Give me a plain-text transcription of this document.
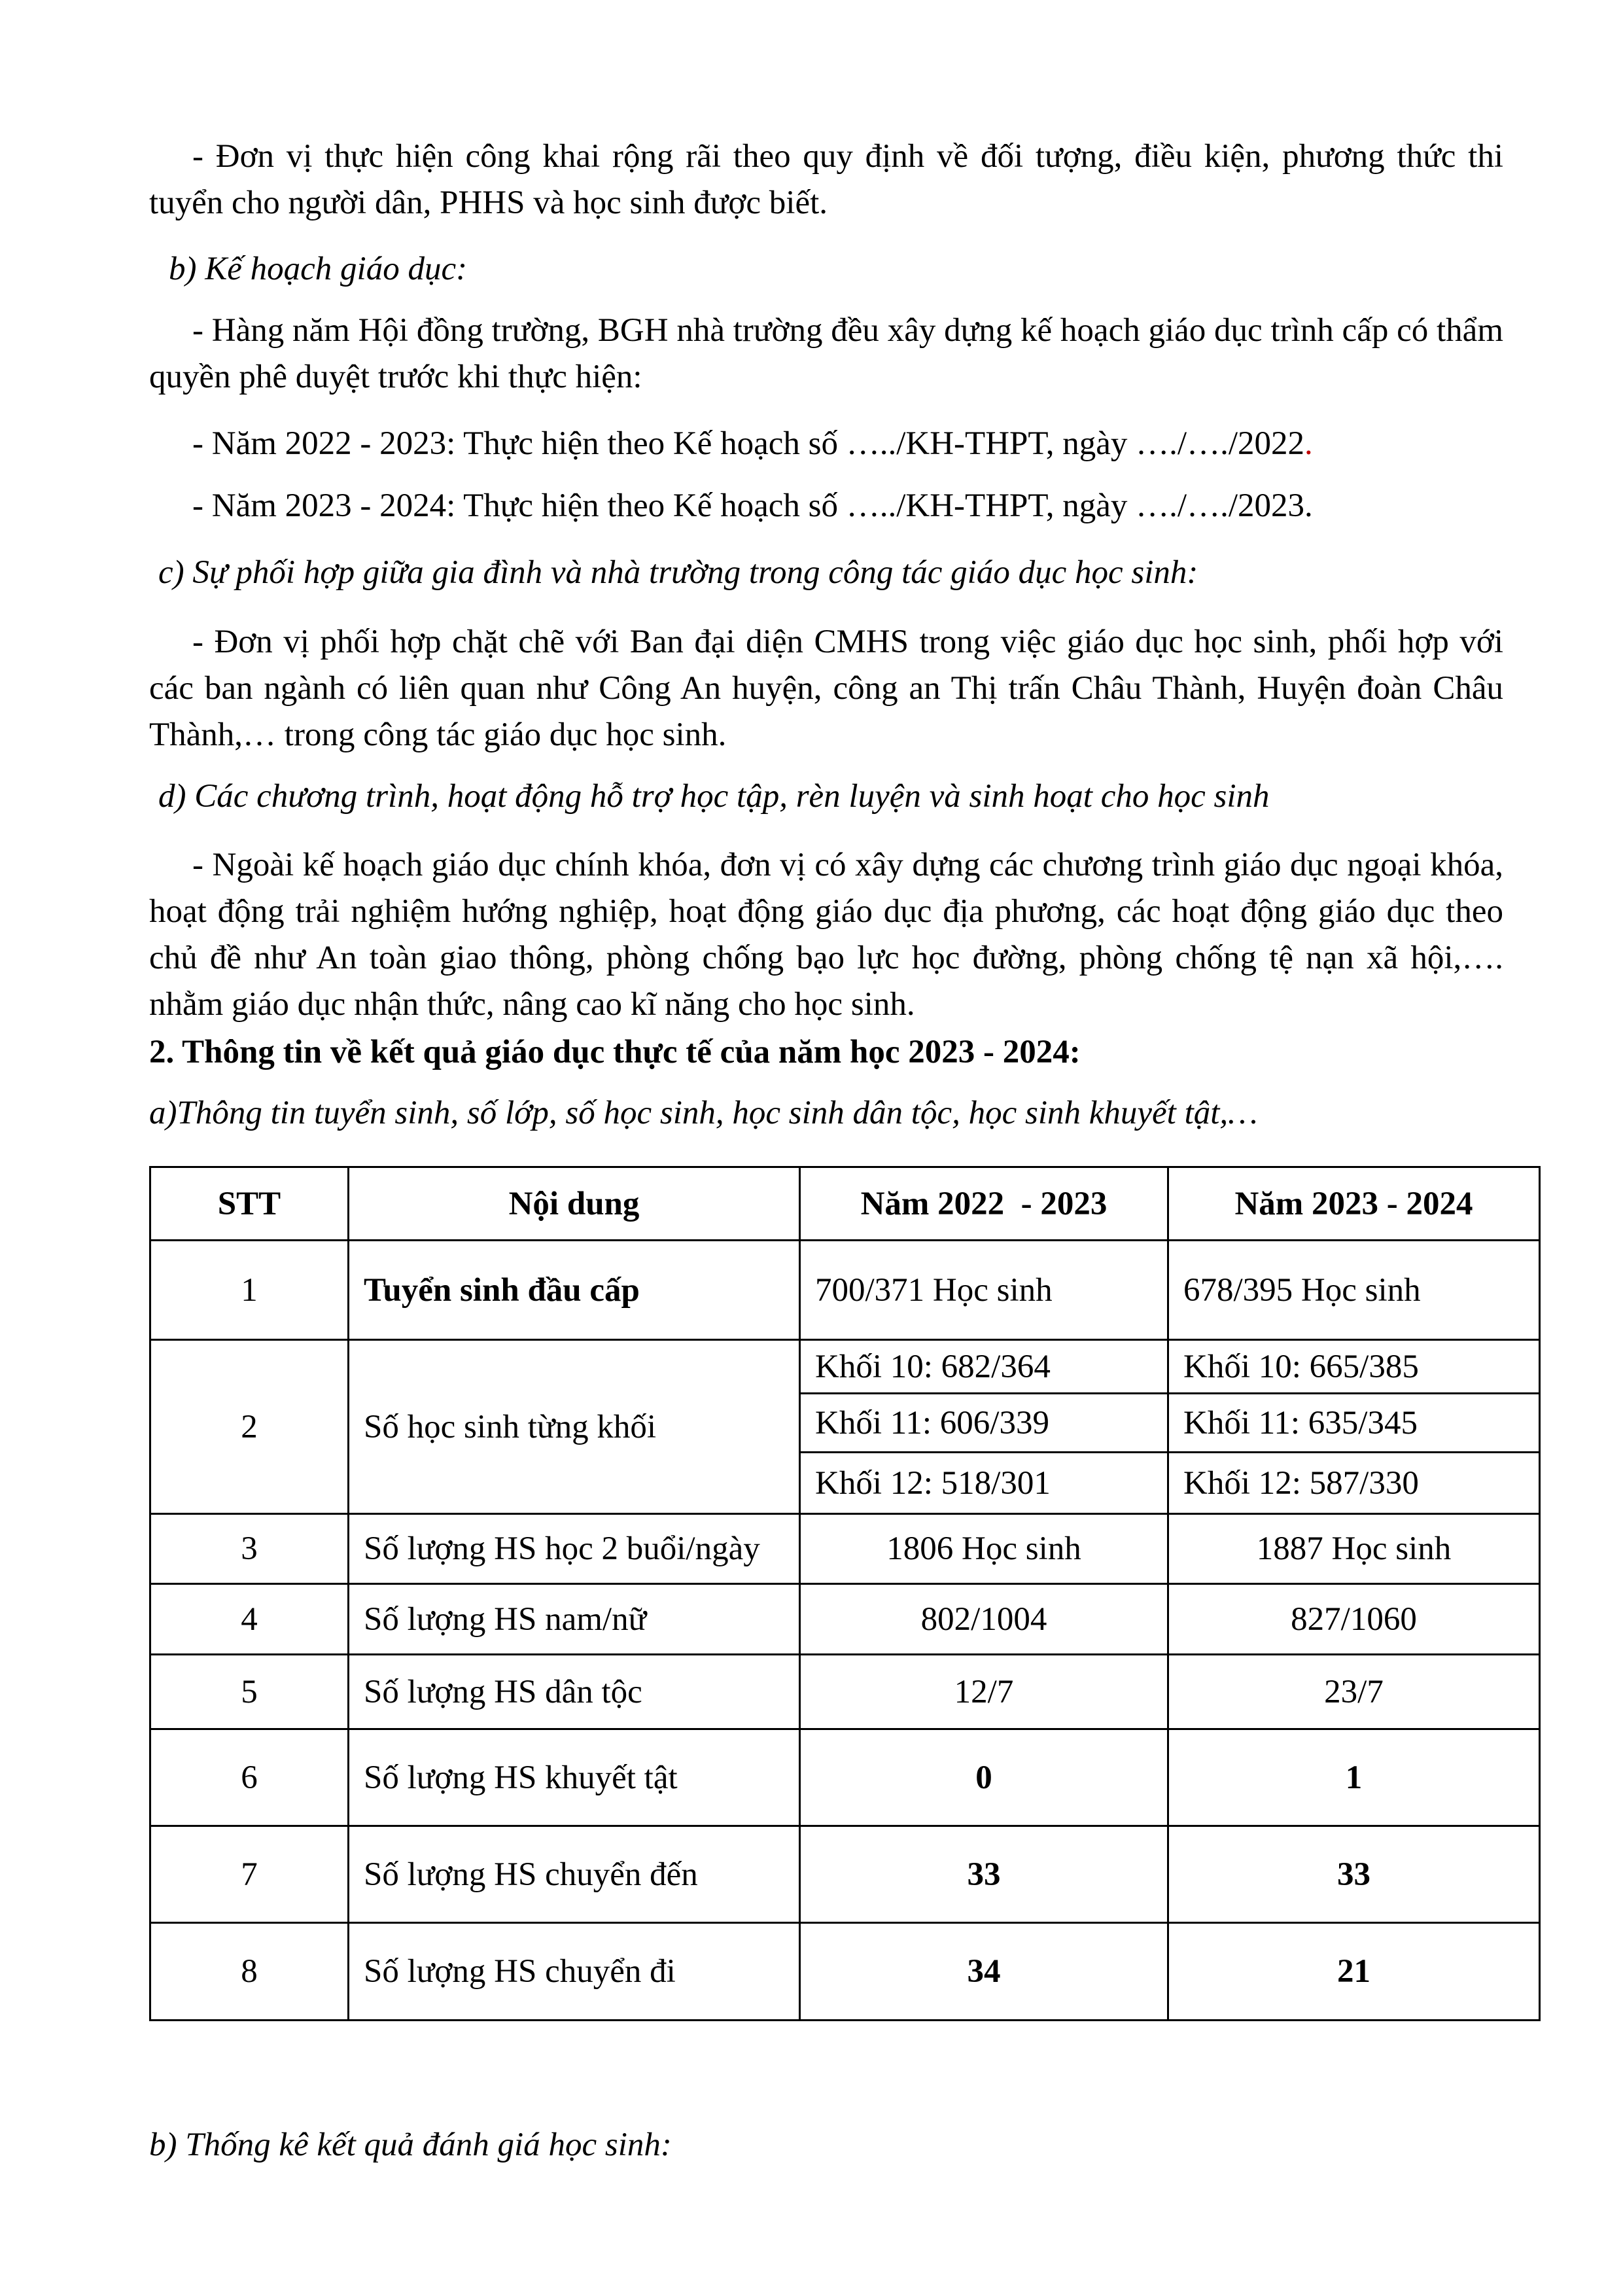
- Đơn vị thực hiện công khai rộng rãi theo quy định về đối tượng, điều kiện, phương thức thi tuyển cho người dân, PHHS và học sinh được biết.

b) Kế hoạch giáo dục:

- Hàng năm Hội đồng trường, BGH nhà trường đều xây dựng kế hoạch giáo dục trình cấp có thẩm quyền phê duyệt trước khi thực hiện:

- Năm 2022 - 2023: Thực hiện theo Kế hoạch số …../KH-THPT, ngày …./…./2022.

- Năm 2023 - 2024: Thực hiện theo Kế hoạch số …../KH-THPT, ngày …./…./2023.

c) Sự phối hợp giữa gia đình và nhà trường trong công tác giáo dục học sinh:

- Đơn vị phối hợp chặt chẽ với Ban đại diện CMHS trong việc giáo dục học sinh, phối hợp với các ban ngành có liên quan như Công An huyện, công an Thị trấn Châu Thành, Huyện đoàn Châu Thành,… trong công tác giáo dục học sinh.

d) Các chương trình, hoạt động hỗ trợ học tập, rèn luyện và sinh hoạt cho học sinh

- Ngoài kế hoạch giáo dục chính khóa, đơn vị có xây dựng các chương trình giáo dục ngoại khóa, hoạt động trải nghiệm hướng nghiệp, hoạt động giáo dục địa phương, các hoạt động giáo dục theo chủ đề như An toàn giao thông, phòng chống bạo lực học đường, phòng chống tệ nạn xã hội,…. nhằm giáo dục nhận thức, nâng cao kĩ năng cho học sinh.

2. Thông tin về kết quả giáo dục thực tế của năm học 2023 - 2024:

a)Thông tin tuyển sinh, số lớp, số học sinh, học sinh dân tộc, học sinh khuyết tật,…

STT	Nội dung	Năm 2022  - 2023	Năm 2023 - 2024
1	Tuyển sinh đầu cấp	700/371 Học sinh	678/395 Học sinh
2	Số học sinh từng khối	Khối 10: 682/364	Khối 10: 665/385
		Khối 11: 606/339	Khối 11: 635/345
		Khối 12: 518/301	Khối 12: 587/330
3	Số lượng HS học 2 buổi/ngày	1806 Học sinh	1887 Học sinh
4	Số lượng HS nam/nữ	802/1004	827/1060
5	Số lượng HS dân tộc	12/7	23/7
6	Số lượng HS khuyết tật	0	1
7	Số lượng HS chuyển đến	33	33
8	Số lượng HS chuyển đi	34	21

b) Thống kê kết quả đánh giá học sinh:
